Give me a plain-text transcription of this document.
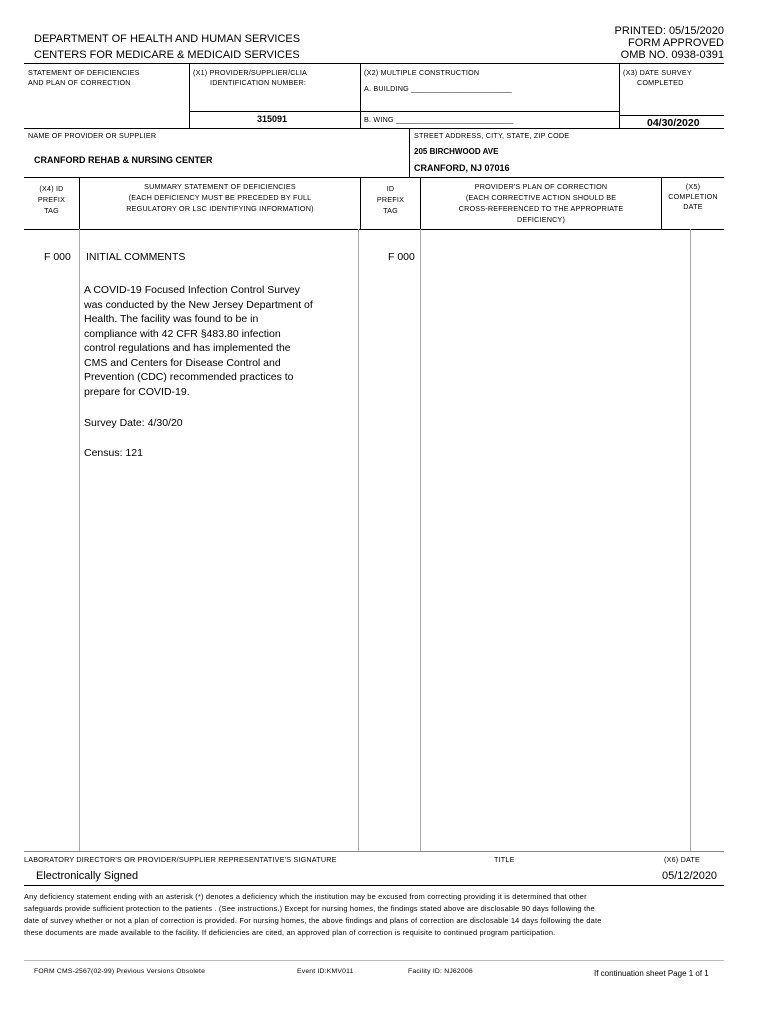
DEPARTMENT OF HEALTH AND HUMAN SERVICES
CENTERS FOR MEDICARE & MEDICAID SERVICES
PRINTED: 05/15/2020
FORM APPROVED
OMB NO. 0938-0391
STATEMENT OF DEFICIENCIES
AND PLAN OF CORRECTION
(X1) PROVIDER/SUPPLIER/CLIA
IDENTIFICATION NUMBER:
315091
(X2) MULTIPLE CONSTRUCTION
A. BUILDING ________________________
B. WING ____________________________
(X3) DATE SURVEY
COMPLETED
04/30/2020
NAME OF PROVIDER OR SUPPLIER
CRANFORD REHAB & NURSING CENTER
STREET ADDRESS, CITY, STATE, ZIP CODE
205 BIRCHWOOD AVE
CRANFORD, NJ 07016
(X4) ID
PREFIX
TAG
SUMMARY STATEMENT OF DEFICIENCIES
(EACH DEFICIENCY MUST BE PRECEDED BY FULL
REGULATORY OR LSC IDENTIFYING INFORMATION)
ID
PREFIX
TAG
PROVIDER'S PLAN OF CORRECTION
(EACH CORRECTIVE ACTION SHOULD BE
CROSS-REFERENCED TO THE APPROPRIATE
DEFICIENCY)
(X5)
COMPLETION
DATE
F 000 INITIAL COMMENTS	F 000

A COVID-19 Focused Infection Control Survey

was conducted by the New Jersey Department of

Health. The facility was found to be in

compliance with 42 CFR §483.80 infection

control regulations and has implemented the

CMS and Centers for Disease Control and

Prevention (CDC) recommended practices to

prepare for COVID-19.

Survey Date: 4/30/20
Census: 121
LABORATORY DIRECTOR'S OR PROVIDER/SUPPLIER REPRESENTATIVE'S SIGNATURE	TITLE	(X6) DATE
Electronically Signed	05/12/2020
Any deficiency statement ending with an asterisk (*) denotes a deficiency which the institution may be excused from correcting providing it is determined that other
safeguards provide sufficient protection to the patients . (See instructions.) Except for nursing homes, the findings stated above are disclosable 90 days following the
date of survey whether or not a plan of correction is provided. For nursing homes, the above findings and plans of correction are disclosable 14 days following the date
these documents are made available to the facility. If deficiencies are cited, an approved plan of correction is requisite to continued program participation.
FORM CMS-2567(02-99) Previous Versions Obsolete	Event ID:KMV011	Facility ID: NJ62006	If continuation sheet Page 1 of 1
